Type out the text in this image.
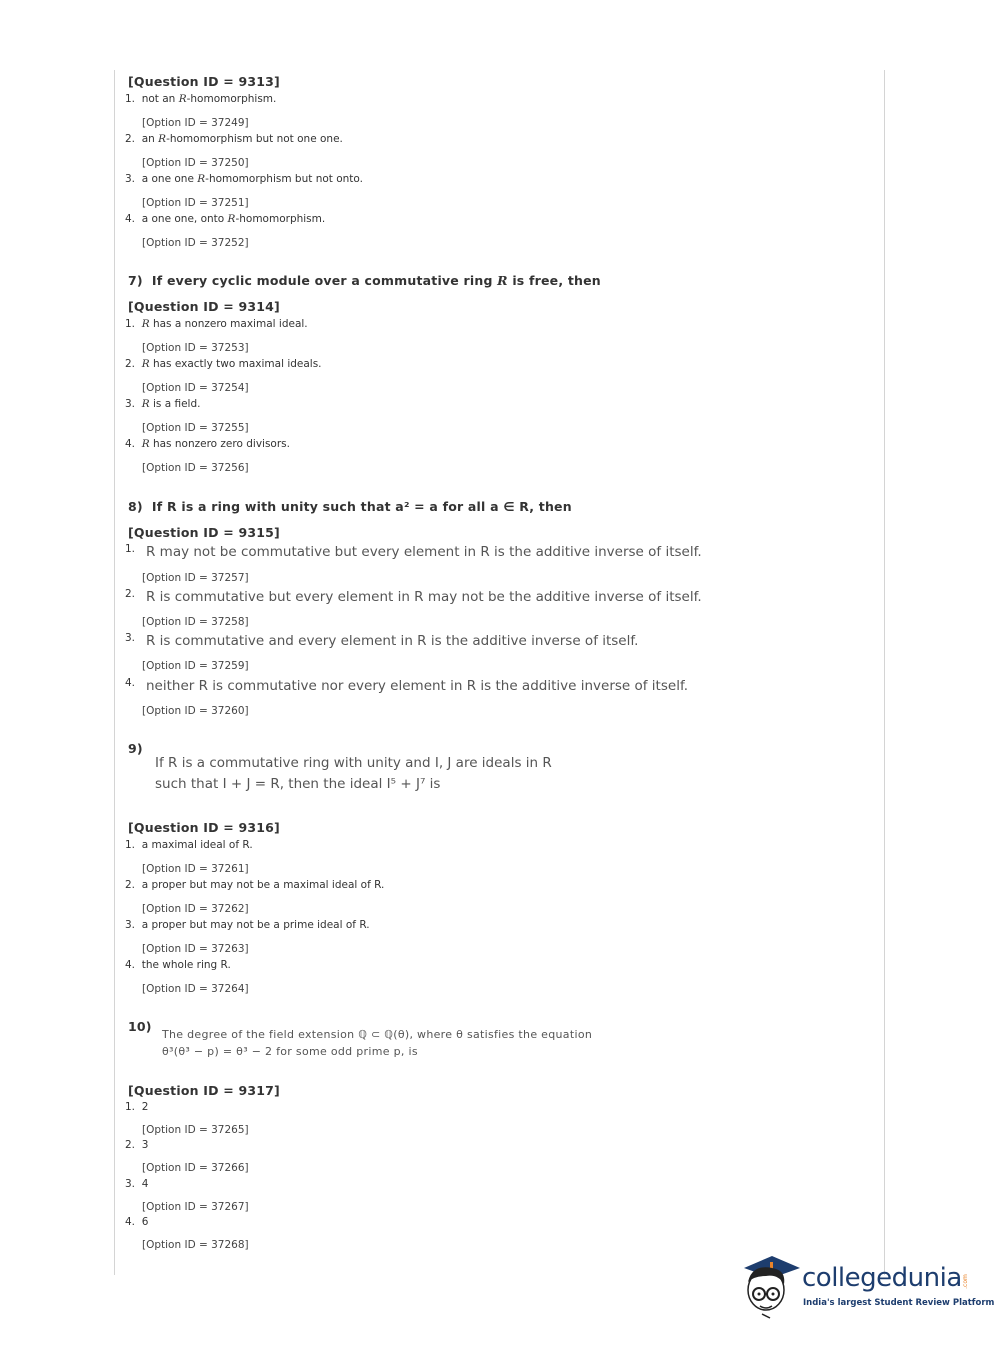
[Question ID = 9313]
1. not an R-homomorphism.
[Option ID = 37249]
2. an R-homomorphism but not one one.
[Option ID = 37250]
3. a one one R-homomorphism but not onto.
[Option ID = 37251]
4. a one one, onto R-homomorphism.
[Option ID = 37252]
7) If every cyclic module over a commutative ring R is free, then
[Question ID = 9314]
1. R has a nonzero maximal ideal.
[Option ID = 37253]
2. R has exactly two maximal ideals.
[Option ID = 37254]
3. R is a field.
[Option ID = 37255]
4. R has nonzero zero divisors.
[Option ID = 37256]
8) If R is a ring with unity such that a² = a for all a ∈ R, then
[Question ID = 9315]
1. R may not be commutative but every element in R is the additive inverse of itself.
[Option ID = 37257]
2. R is commutative but every element in R may not be the additive inverse of itself.
[Option ID = 37258]
3. R is commutative and every element in R is the additive inverse of itself.
[Option ID = 37259]
4. neither R is commutative nor every element in R is the additive inverse of itself.
[Option ID = 37260]
9)
If R is a commutative ring with unity and I, J are ideals in R
such that I + J = R, then the ideal I⁵ + J⁷ is
[Question ID = 9316]
1. a maximal ideal of R.
[Option ID = 37261]
2. a proper but may not be a maximal ideal of R.
[Option ID = 37262]
3. a proper but may not be a prime ideal of R.
[Option ID = 37263]
4. the whole ring R.
[Option ID = 37264]
10)
The degree of the field extension ℚ ⊂ ℚ(θ), where θ satisfies the equation
θ³(θ³ − p) = θ³ − 2 for some odd prime p, is
[Question ID = 9317]
1. 2
[Option ID = 37265]
2. 3
[Option ID = 37266]
3. 4
[Option ID = 37267]
4. 6
[Option ID = 37268]
collegedunia .com
India's largest Student Review Platform
